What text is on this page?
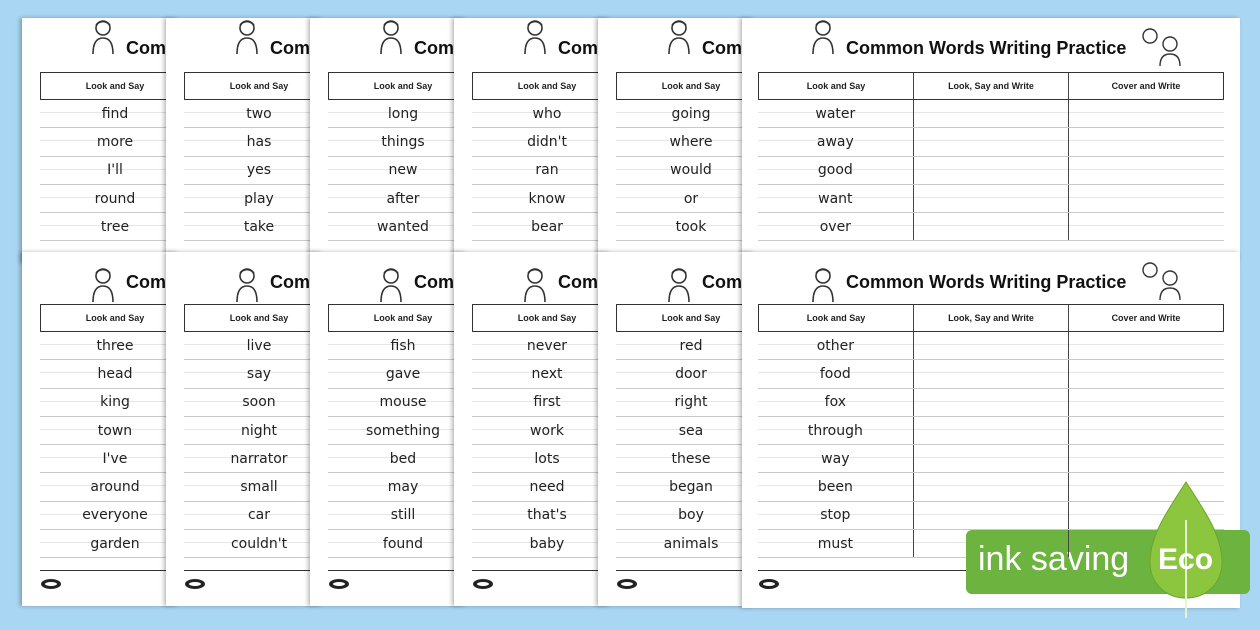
Com
Look and Say
find
more
I'll
round
tree
Com
Look and Say
two
has
yes
play
take
Com
Look and Say
long
things
new
after
wanted
Com
Look and Say
who
didn't
ran
know
bear
Com
Look and Say
going
where
would
or
took
Common Words Writing Practice
Look and Say	Look, Say and Write	Cover and Write
water
away
good
want
over
Com
Look and Say
three
head
king
town
I've
around
everyone
garden
Com
Look and Say
live
say
soon
night
narrator
small
car
couldn't
Com
Look and Say
fish
gave
mouse
something
bed
may
still
found
Com
Look and Say
never
next
first
work
lots
need
that's
baby
Com
Look and Say
red
door
right
sea
these
began
boy
animals
Common Words Writing Practice
Look and Say	Look, Say and Write	Cover and Write
other
food
fox
through
way
been
stop
must	ink saving Eco
